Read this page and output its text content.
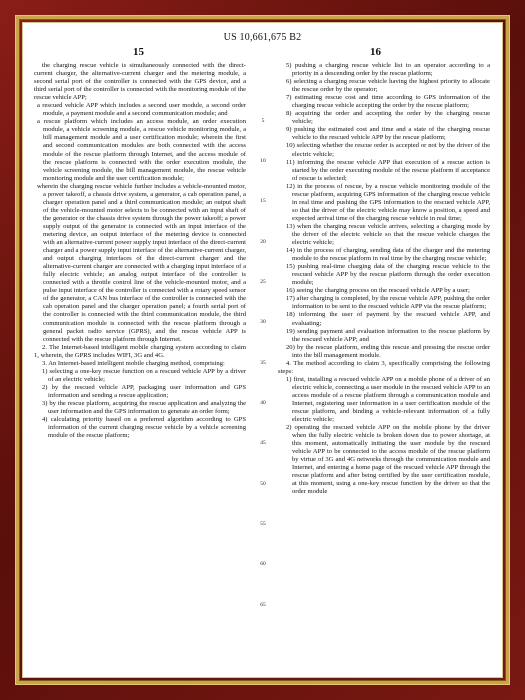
US 10,661,675 B2
15	16

the charging rescue vehicle is simultaneously connected with the direct-current charger, the alternative-current charger and the metering module, a second serial port of the controller is connected with the GPS device, and a third serial port of the controller is connected with the monitoring module of the rescue vehicle APP;

a rescued vehicle APP which includes a second user module, a second order module, a payment module and a second communication module; and

a rescue platform which includes an access module, an order execution module, a vehicle screening module, a rescue vehicle monitoring module, a bill management module and a user certification module; wherein the first and second communication modules are both connected with the access module of the rescue platform through Internet, and the access module of the rescue platform is connected with the order execution module, the vehicle screening module, the bill management module, the rescue vehicle monitoring module and the user certification module;

wherein the charging rescue vehicle further includes a vehicle-mounted motor, a power takeoff, a chassis drive system, a generator, a cab operation panel, a charger operation panel and a third communication module; an output shaft of the vehicle-mounted motor selects to be connected with an input shaft of the generator or the chassis drive system through the power takeoff; a power supply output of the generator is connected with an input interface of the metering device, an output interface of the metering device is connected with an alternative-current power supply input interface of the direct-current charger and a power supply input interface of the alternative-current charger, and output charging interfaces of the direct-current charger and the alternative-current charger are connected with a charging input interface of a fully electric vehicle; an analog output interface of the controller is connected with a throttle control line of the vehicle-mounted motor, and a pulse input interface of the controller is connected with a rotary speed sensor of the generator, a CAN bus interface of the controller is connected with the cab operation panel and the charger operation panel; a fourth serial port of the controller is connected with the third communication module, the third communication module is connected with the rescue platform through a general packet radio service (GPRS), and the rescue vehicle APP is connected with the rescue platform through Internet.

2. The Internet-based intelligent mobile charging system according to claim 1, wherein, the GPRS includes WIFI, 3G and 4G.

3. An Internet-based intelligent mobile charging method, comprising:

1) selecting a one-key rescue function on a rescued vehicle APP by a driver of an electric vehicle;

2) by the rescued vehicle APP, packaging user information and GPS information and sending a rescue application;

3) by the rescue platform, acquiring the rescue application and analyzing the user information and the GPS information to generate an order form;

4) calculating priority based on a preferred algorithm according to GPS information of the current charging rescue vehicle by a vehicle screening module of the rescue platform;

5
10
15
20
25
30
35
40
45
50
55
60
65

5) pushing a charging rescue vehicle list to an operator according to a priority in a descending order by the rescue platform;

6) selecting a charging rescue vehicle having the highest priority to allocate the rescue order by the operator;

7) estimating rescue cost and time according to GPS information of the charging rescue vehicle accepting the order by the rescue platform;

8) acquiring the order and accepting the order by the charging rescue vehicle;

9) pushing the estimated cost and time and a state of the charging rescue vehicle to the rescued vehicle APP by the rescue platform;

10) selecting whether the rescue order is accepted or not by the driver of the electric vehicle;

11) informing the rescue vehicle APP that execution of a rescue action is started by the order executing module of the rescue platform if acceptance of rescue is selected;

12) in the process of rescue, by a rescue vehicle monitoring module of the rescue platform, acquiring GPS information of the charging rescue vehicle in real time and pushing the GPS information to the rescued vehicle APP, so that the driver of the electric vehicle may know a position, a speed and expected arrival time of the charging rescue vehicle in real time;

13) when the charging rescue vehicle arrives, selecting a charging mode by the driver of the electric vehicle so that the rescue vehicle charges the electric vehicle;

14) in the process of charging, sending data of the charger and the metering module to the rescue platform in real time by the charging rescue vehicle;

15) pushing real-time charging data of the charging rescue vehicle to the rescued vehicle APP by the rescue platform through the order execution module;

16) seeing the charging process on the rescued vehicle APP by a user;

17) after charging is completed, by the rescue vehicle APP, pushing the order information to be sent to the rescued vehicle APP via the rescue platform;

18) informing the user of payment by the rescued vehicle APP, and evaluating;

19) sending payment and evaluation information to the rescue platform by the rescued vehicle APP; and

20) by the rescue platform, ending this rescue and pressing the rescue order into the bill management module.

4. The method according to claim 3, specifically comprising the following steps:

1) first, installing a rescued vehicle APP on a mobile phone of a driver of an electric vehicle, connecting a user module in the rescued vehicle APP to an access module of a rescue platform through a communication module and Internet, registering user information in a user certification module of the rescue platform, and binding a vehicle-relevant information of a fully electric vehicle;

2) operating the rescued vehicle APP on the mobile phone by the driver when the fully electric vehicle is broken down due to power shortage, at this moment, automatically initiating the user module by the rescued vehicle APP to be connected to the access module of the rescue platform by virtue of 3G and 4G networks through the communication module and Internet, and entering a home page of the rescued vehicle APP through the rescue platform and after being certified by the user certification module, at this moment, using a one-key rescue function by the driver so that the order module
